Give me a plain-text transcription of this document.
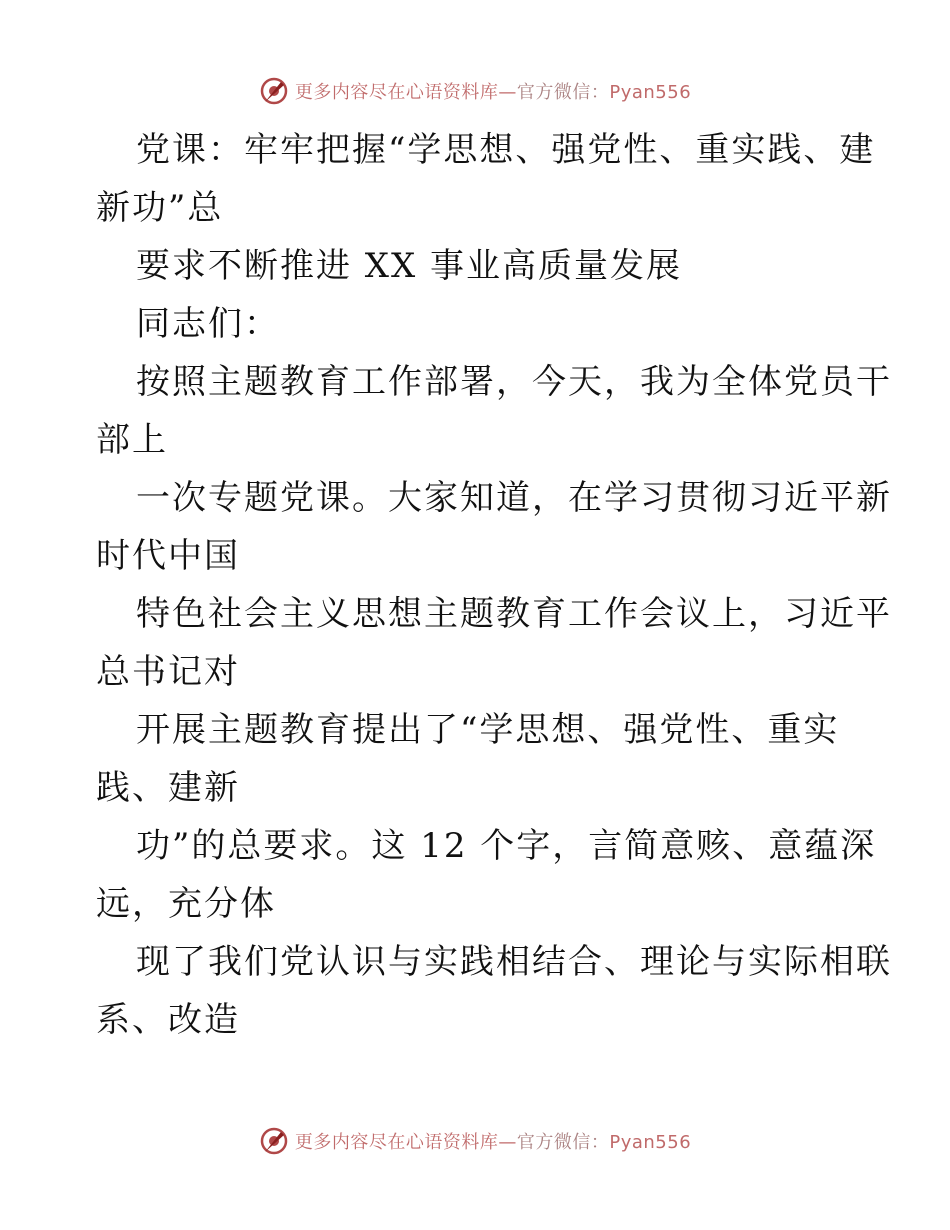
更多内容尽在心语资料库—官方微信：Pyan556
党课：牢牢把握“学思想、强党性、重实践、建
新功”总
要求不断推进 XX 事业高质量发展
同志们：
按照主题教育工作部署，今天，我为全体党员干
部上
一次专题党课。大家知道，在学习贯彻习近平新
时代中国
特色社会主义思想主题教育工作会议上，习近平
总书记对
开展主题教育提出了“学思想、强党性、重实
践、建新
功”的总要求。这 12 个字，言简意赅、意蕴深
远，充分体
现了我们党认识与实践相结合、理论与实际相联
系、改造
更多内容尽在心语资料库—官方微信：Pyan556
